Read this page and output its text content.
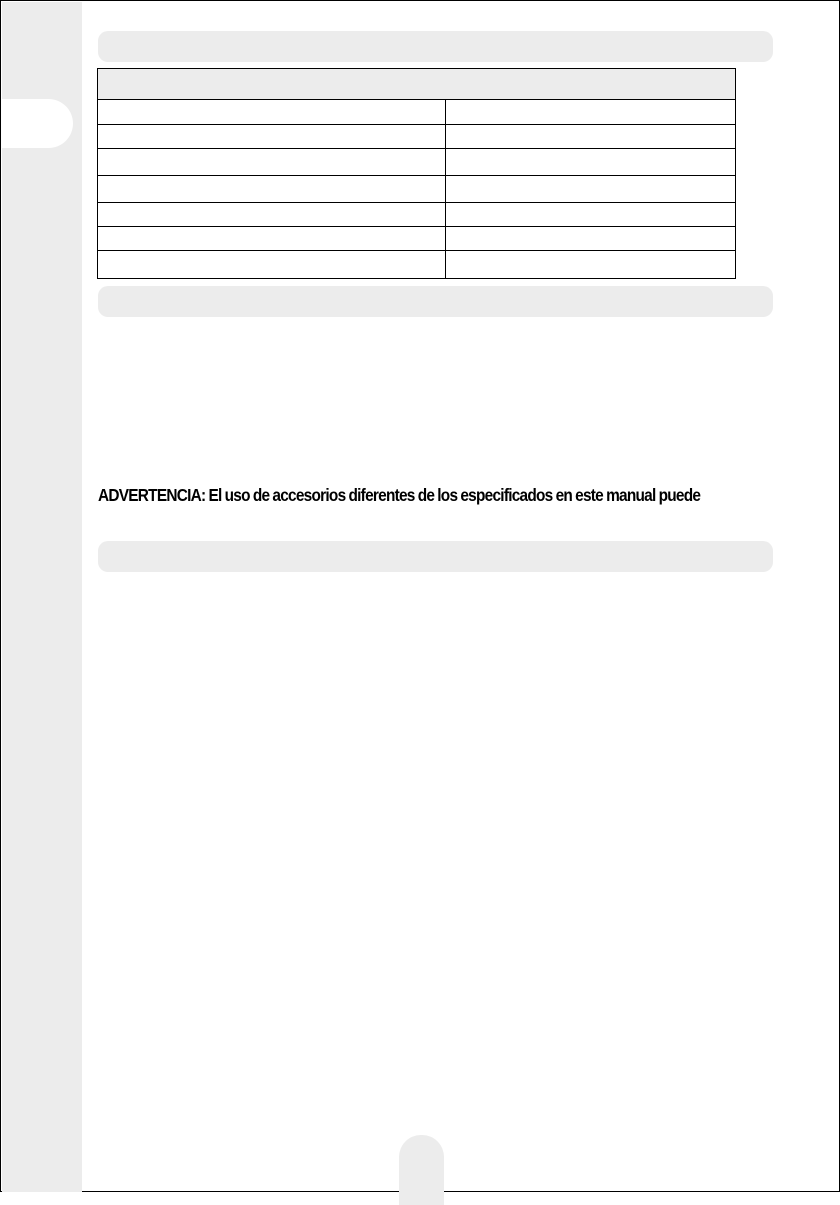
ADVERTENCIA: El uso de accesorios diferentes de los especificados en este manual puede
